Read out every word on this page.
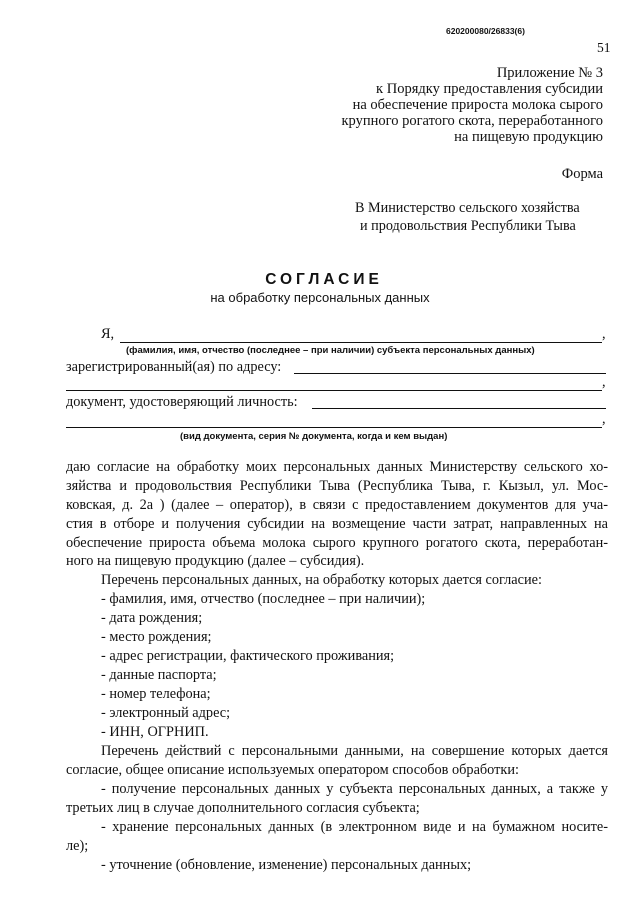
620200080/26833(6)
51
Приложение № 3
к Порядку предоставления субсидии
на обеспечение прироста молока сырого
крупного рогатого скота, переработанного
на пищевую продукцию
Форма
В Министерство сельского хозяйства
и продовольствия Республики Тыва
СОГЛАСИЕ
на обработку персональных данных
Я,	,
(фамилия, имя, отчество (последнее – при наличии) субъекта персональных данных)
зарегистрированный(ая) по адресу:
,
документ, удостоверяющий личность:
,
(вид документа, серия № документа, когда и кем выдан)
даю согласие на обработку моих персональных данных Министерству сельского хо-
зяйства и продовольствия Республики Тыва (Республика Тыва, г. Кызыл, ул. Мос-
ковская, д. 2а ) (далее – оператор), в связи с предоставлением документов для уча-
стия в отборе и получения субсидии на возмещение части затрат, направленных на
обеспечение прироста объема молока сырого крупного рогатого скота, переработан-
ного на пищевую продукцию (далее – субсидия).
Перечень персональных данных, на обработку которых дается согласие:
- фамилия, имя, отчество (последнее – при наличии);
- дата рождения;
- место рождения;
- адрес регистрации, фактического проживания;
- данные паспорта;
- номер телефона;
- электронный адрес;
- ИНН, ОГРНИП.
Перечень действий с персональными данными, на совершение которых дается
согласие, общее описание используемых оператором способов обработки:
- получение персональных данных у субъекта персональных данных, а также у
третьих лиц в случае дополнительного согласия субъекта;
- хранение персональных данных (в электронном виде и на бумажном носите-
ле);
- уточнение (обновление, изменение) персональных данных;
